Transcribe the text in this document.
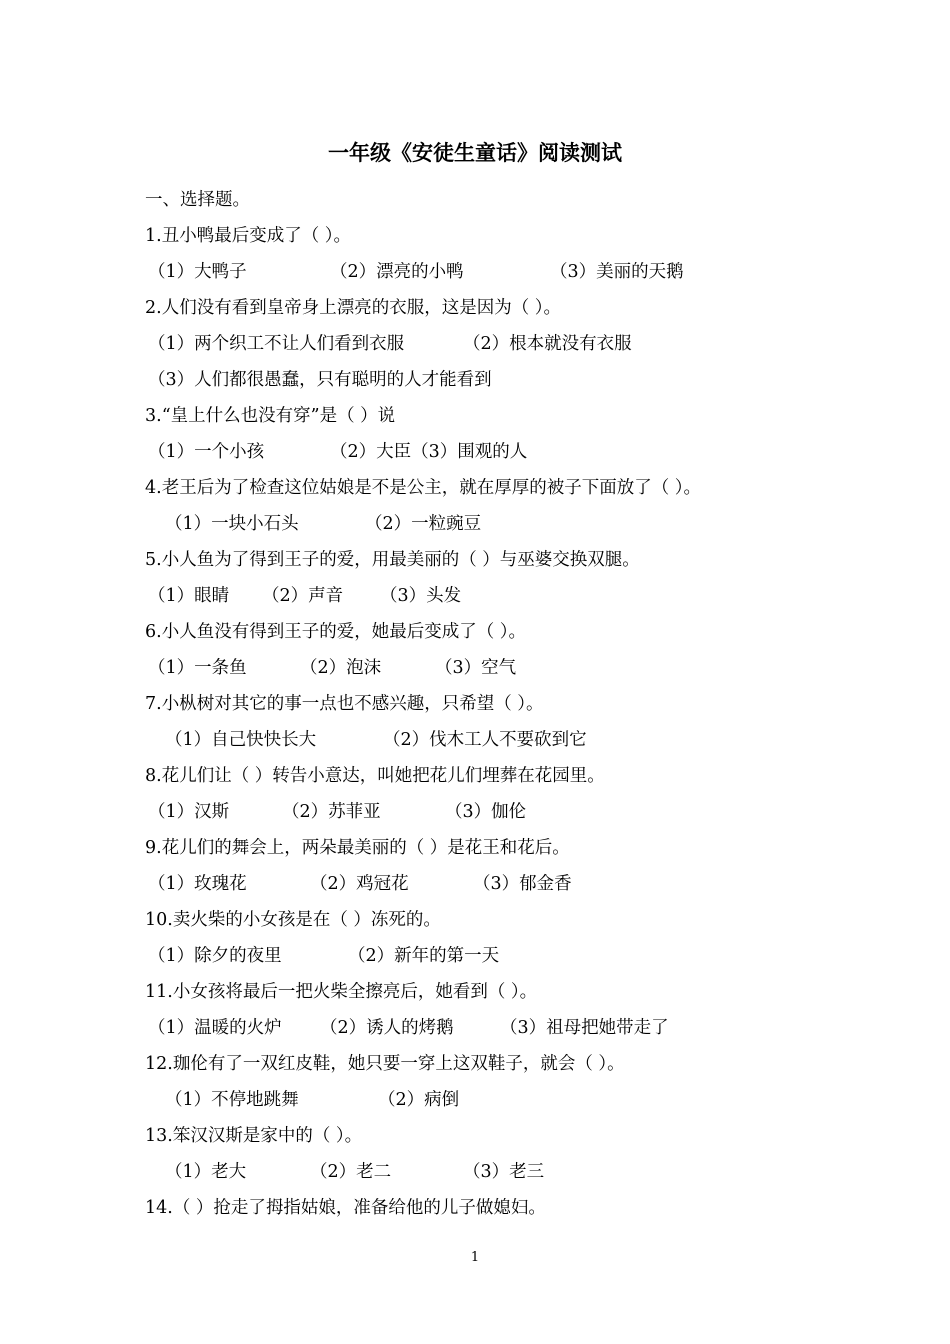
一年级《安徒生童话》阅读测试
一、选择题。
1.丑小鸭最后变成了（ ）。
（1）大鸭子	（2）漂亮的小鸭	（3）美丽的天鹅
2.人们没有看到皇帝身上漂亮的衣服，这是因为（ ）。
（1）两个织工不让人们看到衣服	（2）根本就没有衣服
（3）人们都很愚蠢，只有聪明的人才能看到
3.“皇上什么也没有穿”是（ ）说
（1）一个小孩	（2）大臣（3）围观的人
4.老王后为了检查这位姑娘是不是公主，就在厚厚的被子下面放了（ ）。
（1）一块小石头	（2）一粒豌豆
5.小人鱼为了得到王子的爱，用最美丽的（ ）与巫婆交换双腿。
（1）眼睛 （2）声音 （3）头发
6.小人鱼没有得到王子的爱，她最后变成了（ ）。
（1）一条鱼	（2）泡沫	（3）空气
7.小枞树对其它的事一点也不感兴趣，只希望（ ）。
（1）自己快快长大	（2）伐木工人不要砍到它
8.花儿们让（ ）转告小意达，叫她把花儿们埋葬在花园里。
（1）汉斯	（2）苏菲亚	（3）伽伦
9.花儿们的舞会上，两朵最美丽的（ ）是花王和花后。
（1）玫瑰花	（2）鸡冠花	（3）郁金香
10.卖火柴的小女孩是在（ ）冻死的。
（1）除夕的夜里	（2）新年的第一天
11.小女孩将最后一把火柴全擦亮后，她看到（ ）。
（1）温暖的火炉 （2）诱人的烤鹅	（3）祖母把她带走了
12.珈伦有了一双红皮鞋，她只要一穿上这双鞋子，就会（ ）。
（1）不停地跳舞	（2）病倒
13.笨汉汉斯是家中的（ ）。
（1）老大	（2）老二	（3）老三
14.（ ）抢走了拇指姑娘，准备给他的儿子做媳妇。
1
